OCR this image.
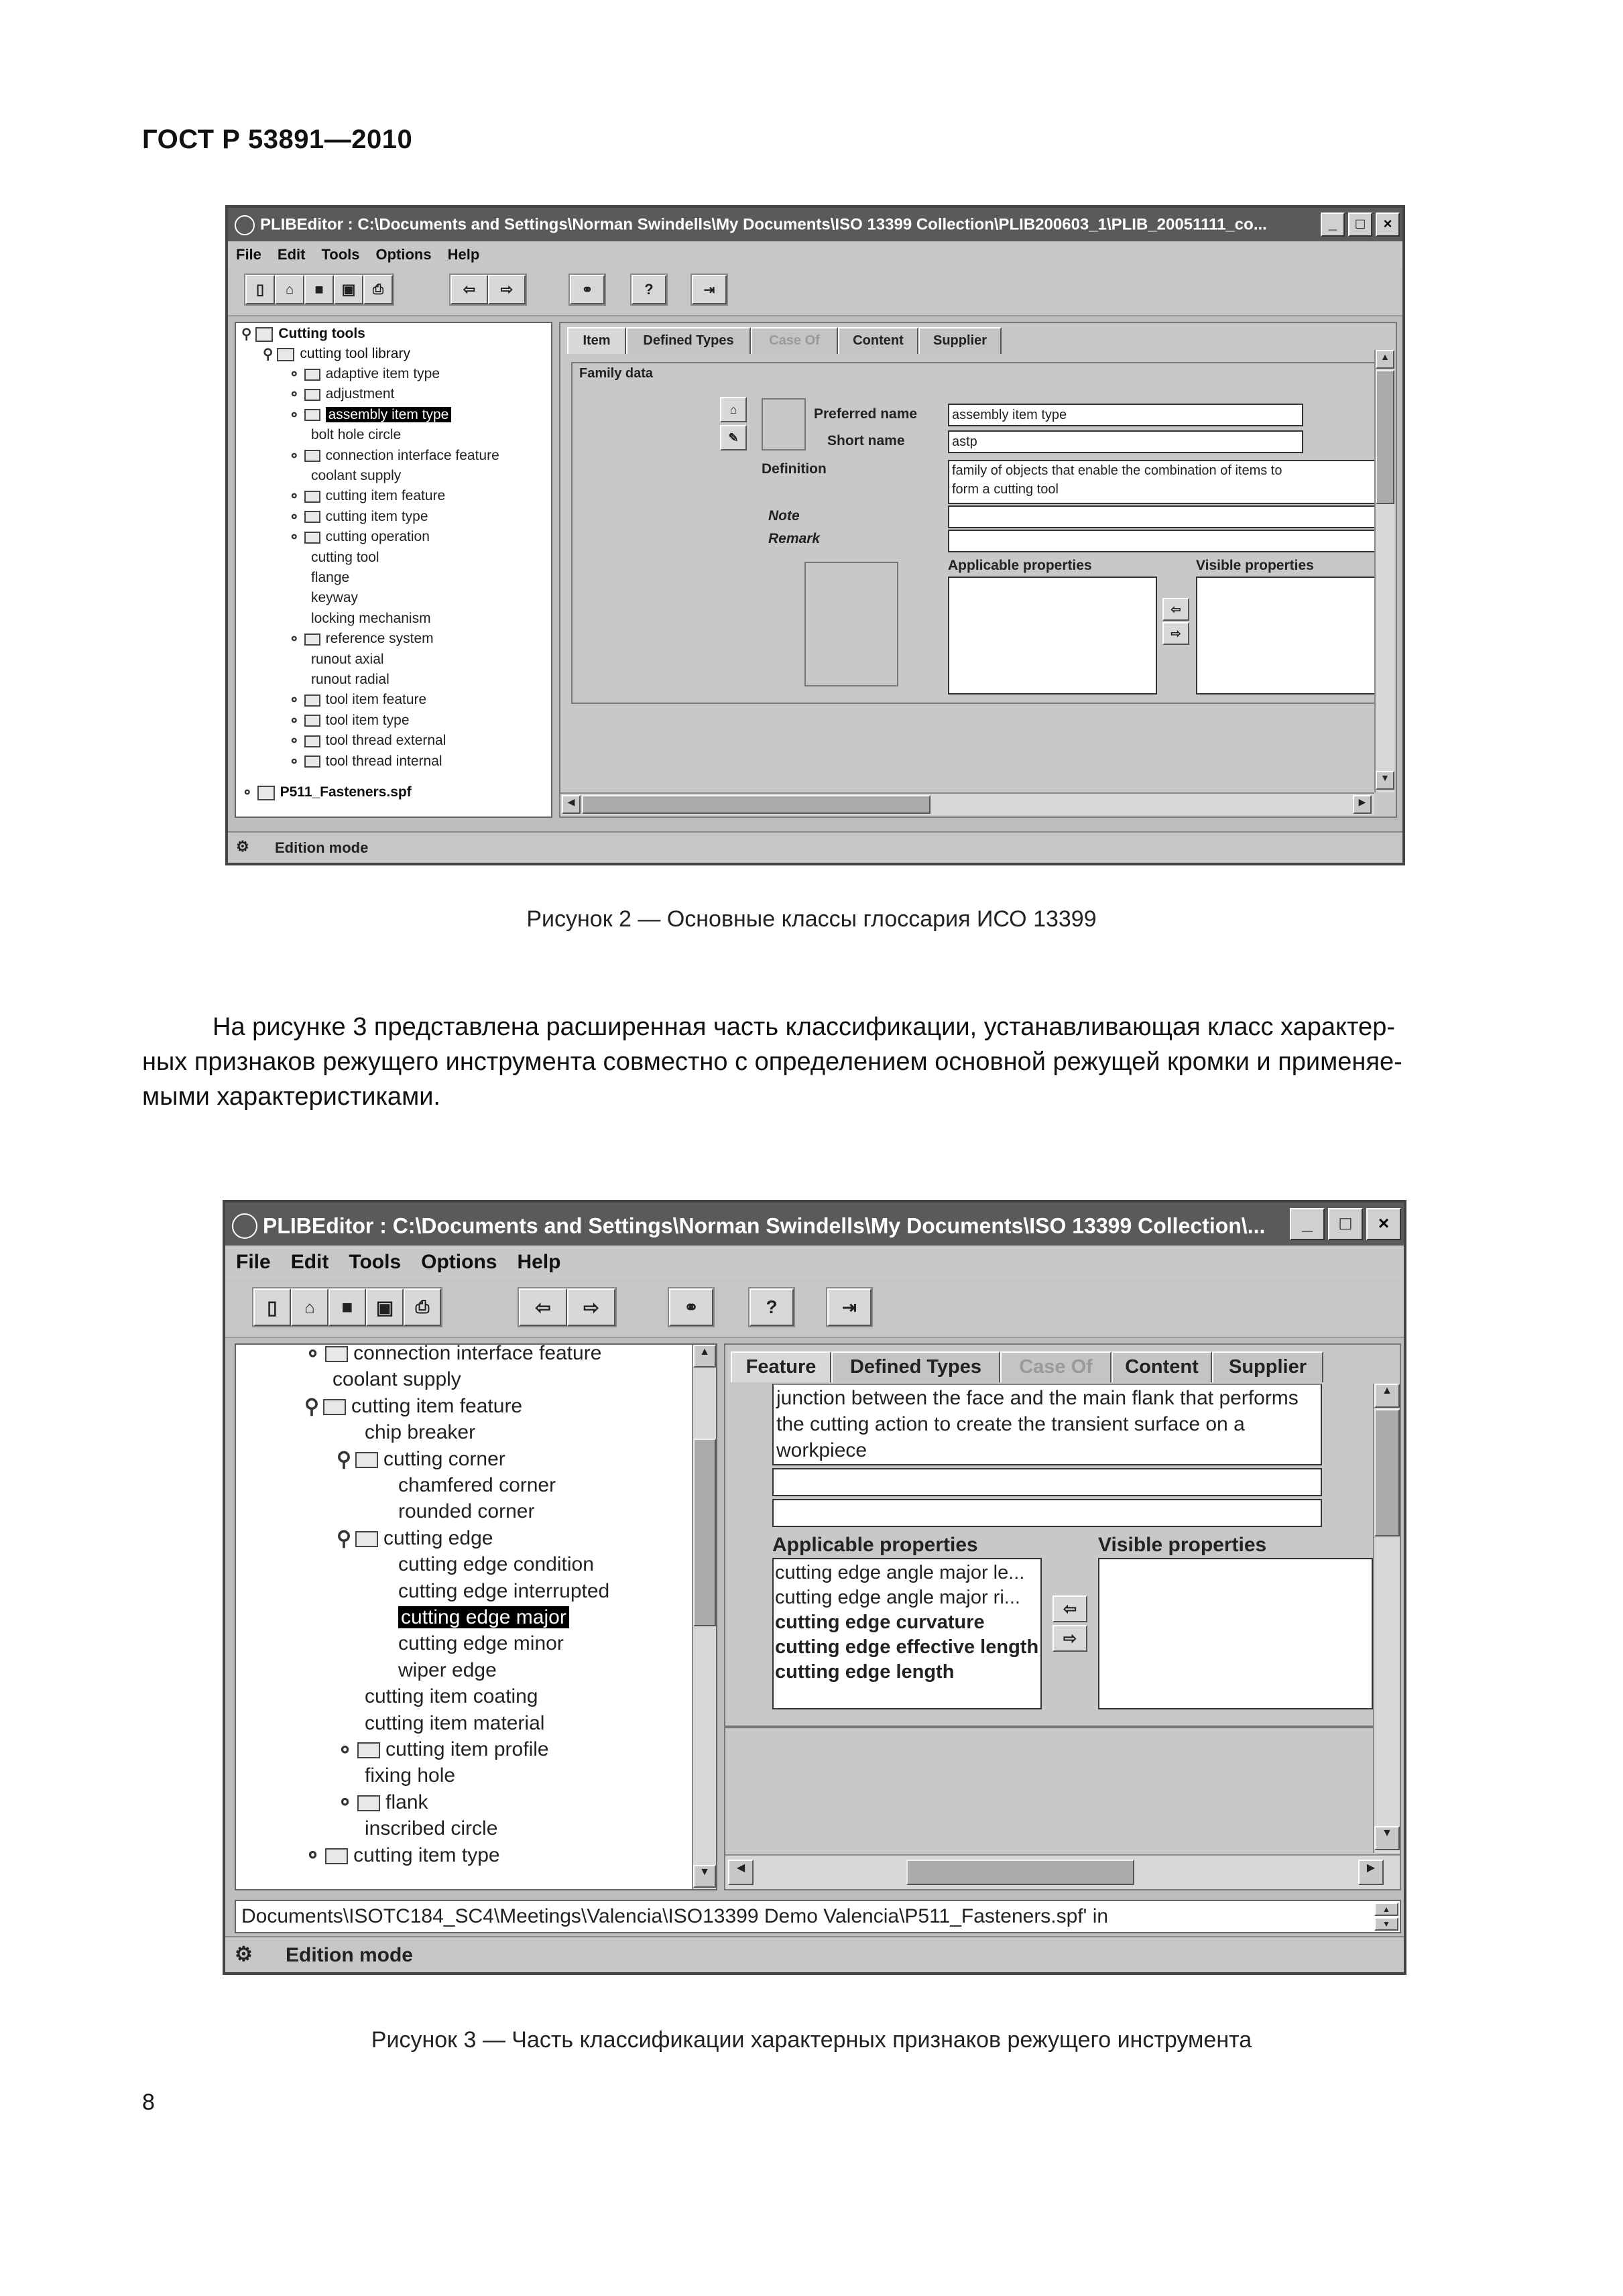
ГОСТ Р 53891—2010
PLIBEditor : C:\Documents and Settings\Norman Swindells\My Documents\ISO 13399 Collection\PLIB200603_1\PLIB_20051111_co...	_	□	×
File Edit Tools Options Help
▯	⌂	■	▣	⎙	⇦	⇨	⚭	?	⇥
⚲ Cutting tools
⚲ cutting tool library
⚬ adaptive item type
⚬ adjustment
⚬ assembly item type
bolt hole circle
⚬ connection interface feature
coolant supply
⚬ cutting item feature
⚬ cutting item type
⚬ cutting operation
cutting tool
flange
keyway
locking mechanism
⚬ reference system
runout axial
runout radial
⚬ tool item feature
⚬ tool item type
⚬ tool thread external
⚬ tool thread internal
⚬ P511_Fasteners.spf
Item	Defined Types	Case Of	Content	Supplier
Family data
⌂
✎
Preferred name	assembly item type
Short name	astp
Definition	family of objects that enable the combination of items to
form a cutting tool
Note
Remark
Applicable properties
⇦
⇨
Visible properties
▲
▼
◀	▶
⚙ Edition mode
Рисунок 2 — Основные классы глоссария ИСО 13399
На рисунке 3 представлена расширенная часть классификации, устанавливающая класс характер-
ных признаков режущего инструмента совместно с определением основной режущей кромки и применяе-
мыми характеристиками.
PLIBEditor : C:\Documents and Settings\Norman Swindells\My Documents\ISO 13399 Collection\...	_	□	×
File Edit Tools Options Help
▯	⌂	■	▣	⎙	⇦	⇨	⚭	?	⇥
⚬ connection interface feature
coolant supply
⚲ cutting item feature
chip breaker
⚲ cutting corner
chamfered corner
rounded corner
⚲ cutting edge
cutting edge condition
cutting edge interrupted
cutting edge major
cutting edge minor
wiper edge
cutting item coating
cutting item material
⚬ cutting item profile
fixing hole
⚬ flank
inscribed circle
⚬ cutting item type
▲
▼
Feature	Defined Types	Case Of	Content	Supplier
junction between the face and the main flank that performs
the cutting action to create the transient surface on a
workpiece
Applicable properties
cutting edge angle major le...
cutting edge angle major ri...
cutting edge curvature
cutting edge effective length
cutting edge length
⇦
⇨
Visible properties
▲
▼
◀	▶
Documents\ISOTC184_SC4\Meetings\Valencia\ISO13399 Demo Valencia\P511_Fasteners.spf' in	▲
▼
⚙ Edition mode
Рисунок 3 — Часть классификации характерных признаков режущего инструмента
8
